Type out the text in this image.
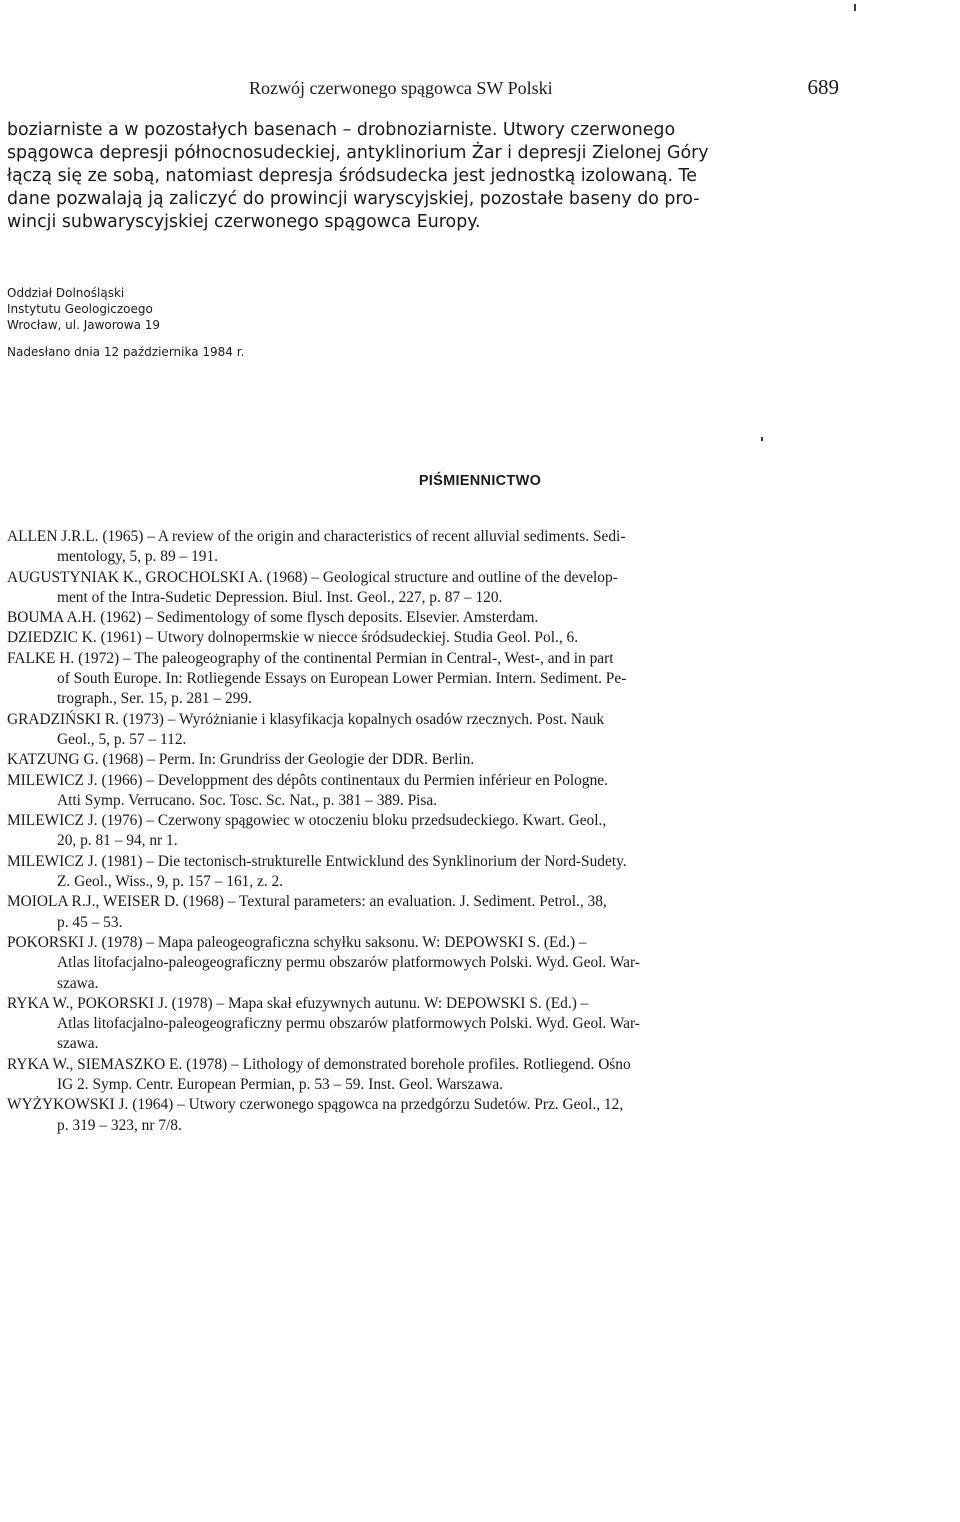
Rozwój czerwonego spągowca SW Polski	689
boziarniste a w pozostałych basenach – drobnoziarniste. Utwory czerwonego
spągowca depresji północnosudeckiej, antyklinorium Żar i depresji Zielonej Góry
łączą się ze sobą, natomiast depresja śródsudecka jest jednostką izolowaną. Te
dane pozwalają ją zaliczyć do prowincji waryscyjskiej, pozostałe baseny do pro-
wincji subwaryscyjskiej czerwonego spągowca Europy.
Oddział Dolnośląski
Instytutu Geologiczoego
Wrocław, ul. Jaworowa 19
Nadesłano dnia 12 października 1984 r.
PIŚMIENNICTWO
ALLEN J.R.L. (1965) – A review of the origin and characteristics of recent alluvial sediments. Sedi-
mentology, 5, p. 89 – 191.
AUGUSTYNIAK K., GROCHOLSKI A. (1968) – Geological structure and outline of the develop-
ment of the Intra-Sudetic Depression. Biul. Inst. Geol., 227, p. 87 – 120.
BOUMA A.H. (1962) – Sedimentology of some flysch deposits. Elsevier. Amsterdam.
DZIEDZIC K. (1961) – Utwory dolnopermskie w niecce śródsudeckiej. Studia Geol. Pol., 6.
FALKE H. (1972) – The paleogeography of the continental Permian in Central-, West-, and in part
of South Europe. In: Rotliegende Essays on European Lower Permian. Intern. Sediment. Pe-
trograph., Ser. 15, p. 281 – 299.
GRADZIŃSKI R. (1973) – Wyróżnianie i klasyfikacja kopalnych osadów rzecznych. Post. Nauk
Geol., 5, p. 57 – 112.
KATZUNG G. (1968) – Perm. In: Grundriss der Geologie der DDR. Berlin.
MILEWICZ J. (1966) – Developpment des dépôts continentaux du Permien inférieur en Pologne.
Atti Symp. Verrucano. Soc. Tosc. Sc. Nat., p. 381 – 389. Pisa.
MILEWICZ J. (1976) – Czerwony spągowiec w otoczeniu bloku przedsudeckiego. Kwart. Geol.,
20, p. 81 – 94, nr 1.
MILEWICZ J. (1981) – Die tectonisch-strukturelle Entwicklund des Synklinorium der Nord-Sudety.
Z. Geol., Wiss., 9, p. 157 – 161, z. 2.
MOIOLA R.J., WEISER D. (1968) – Textural parameters: an evaluation. J. Sediment. Petrol., 38,
p. 45 – 53.
POKORSKI J. (1978) – Mapa paleogeograficzna schyłku saksonu. W: DEPOWSKI S. (Ed.) –
Atlas litofacjalno-paleogeograficzny permu obszarów platformowych Polski. Wyd. Geol. War-
szawa.
RYKA W., POKORSKI J. (1978) – Mapa skał efuzywnych autunu. W: DEPOWSKI S. (Ed.) –
Atlas litofacjalno-paleogeograficzny permu obszarów platformowych Polski. Wyd. Geol. War-
szawa.
RYKA W., SIEMASZKO E. (1978) – Lithology of demonstrated borehole profiles. Rotliegend. Ośno
IG 2. Symp. Centr. European Permian, p. 53 – 59. Inst. Geol. Warszawa.
WYŻYKOWSKI J. (1964) – Utwory czerwonego spągowca na przedgórzu Sudetów. Prz. Geol., 12,
p. 319 – 323, nr 7/8.
